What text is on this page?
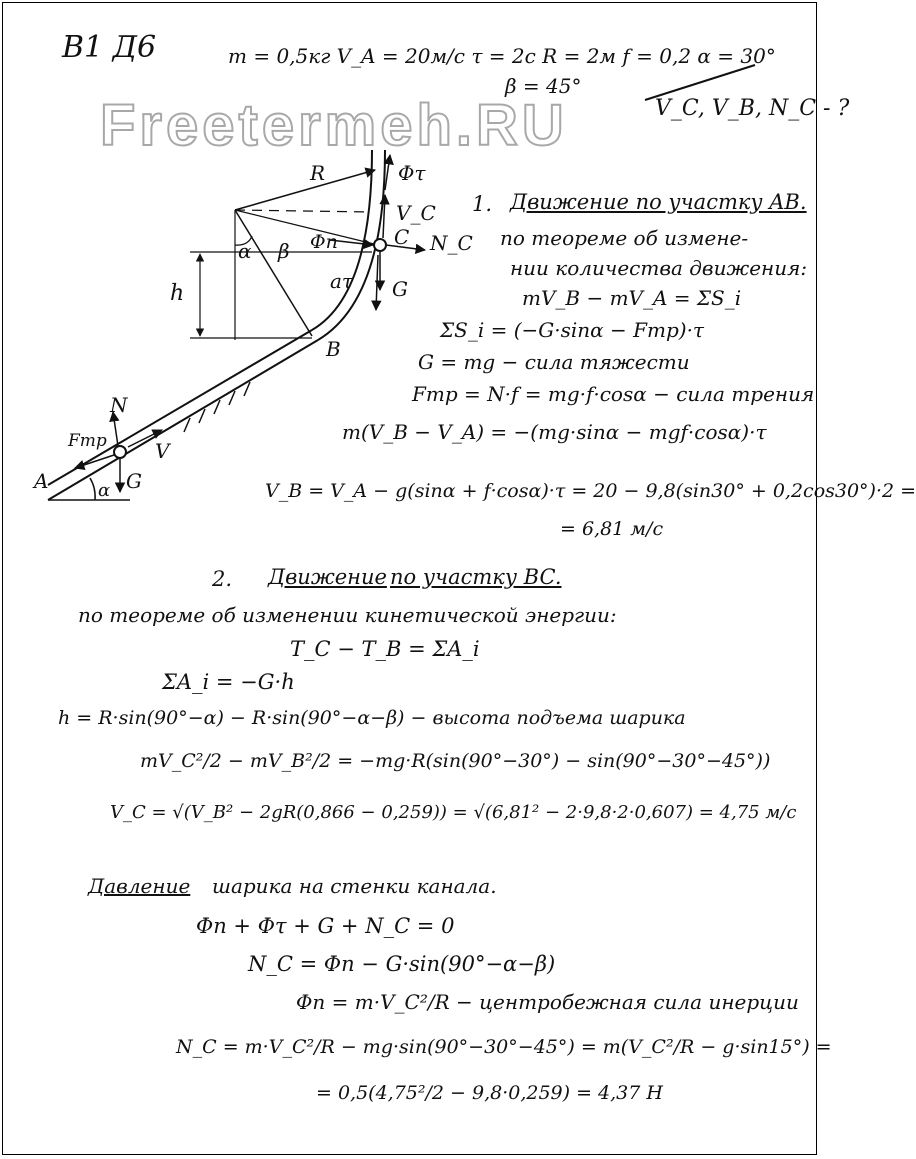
B1 Д6	m = 0,5кг V_A = 20м/с τ = 2с R = 2м f = 0,2 α = 30°
β = 45°
V_C, V_B, N_C - ?
R	Φτ
V_C
C N_C
α β Φn
aτ G
h
B
N
Fтр V
G
A	α
Freetermeh.RU
1. Движение по участку AB.
по теореме об измене-
нии количества движения:
mV_B − mV_A = ΣS_i
ΣS_i = (−G·sinα − Fтр)·τ
G = mg − сила тяжести
Fтр = N·f = mg·f·cosα − сила трения
m(V_B − V_A) = −(mg·sinα − mgf·cosα)·τ
V_B = V_A − g(sinα + f·cosα)·τ = 20 − 9,8(sin30° + 0,2cos30°)·2 =
= 6,81 м/с
2. Движение по участку BC.
по теореме об изменении кинетической энергии:
T_C − T_B = ΣA_i
ΣA_i = −G·h
h = R·sin(90°−α) − R·sin(90°−α−β) − высота подъема шарика
mV_C²/2 − mV_B²/2 = −mg·R(sin(90°−30°) − sin(90°−30°−45°))
V_C = √(V_B² − 2gR(0,866 − 0,259)) = √(6,81² − 2·9,8·2·0,607) = 4,75 м/с
Давление шарика на стенки канала.
Φn + Φτ + G + N_C = 0
N_C = Φn − G·sin(90°−α−β)
Φn = m·V_C²/R − центробежная сила инерции
N_C = m·V_C²/R − mg·sin(90°−30°−45°) = m(V_C²/R − g·sin15°) =
= 0,5(4,75²/2 − 9,8·0,259) = 4,37 Н
